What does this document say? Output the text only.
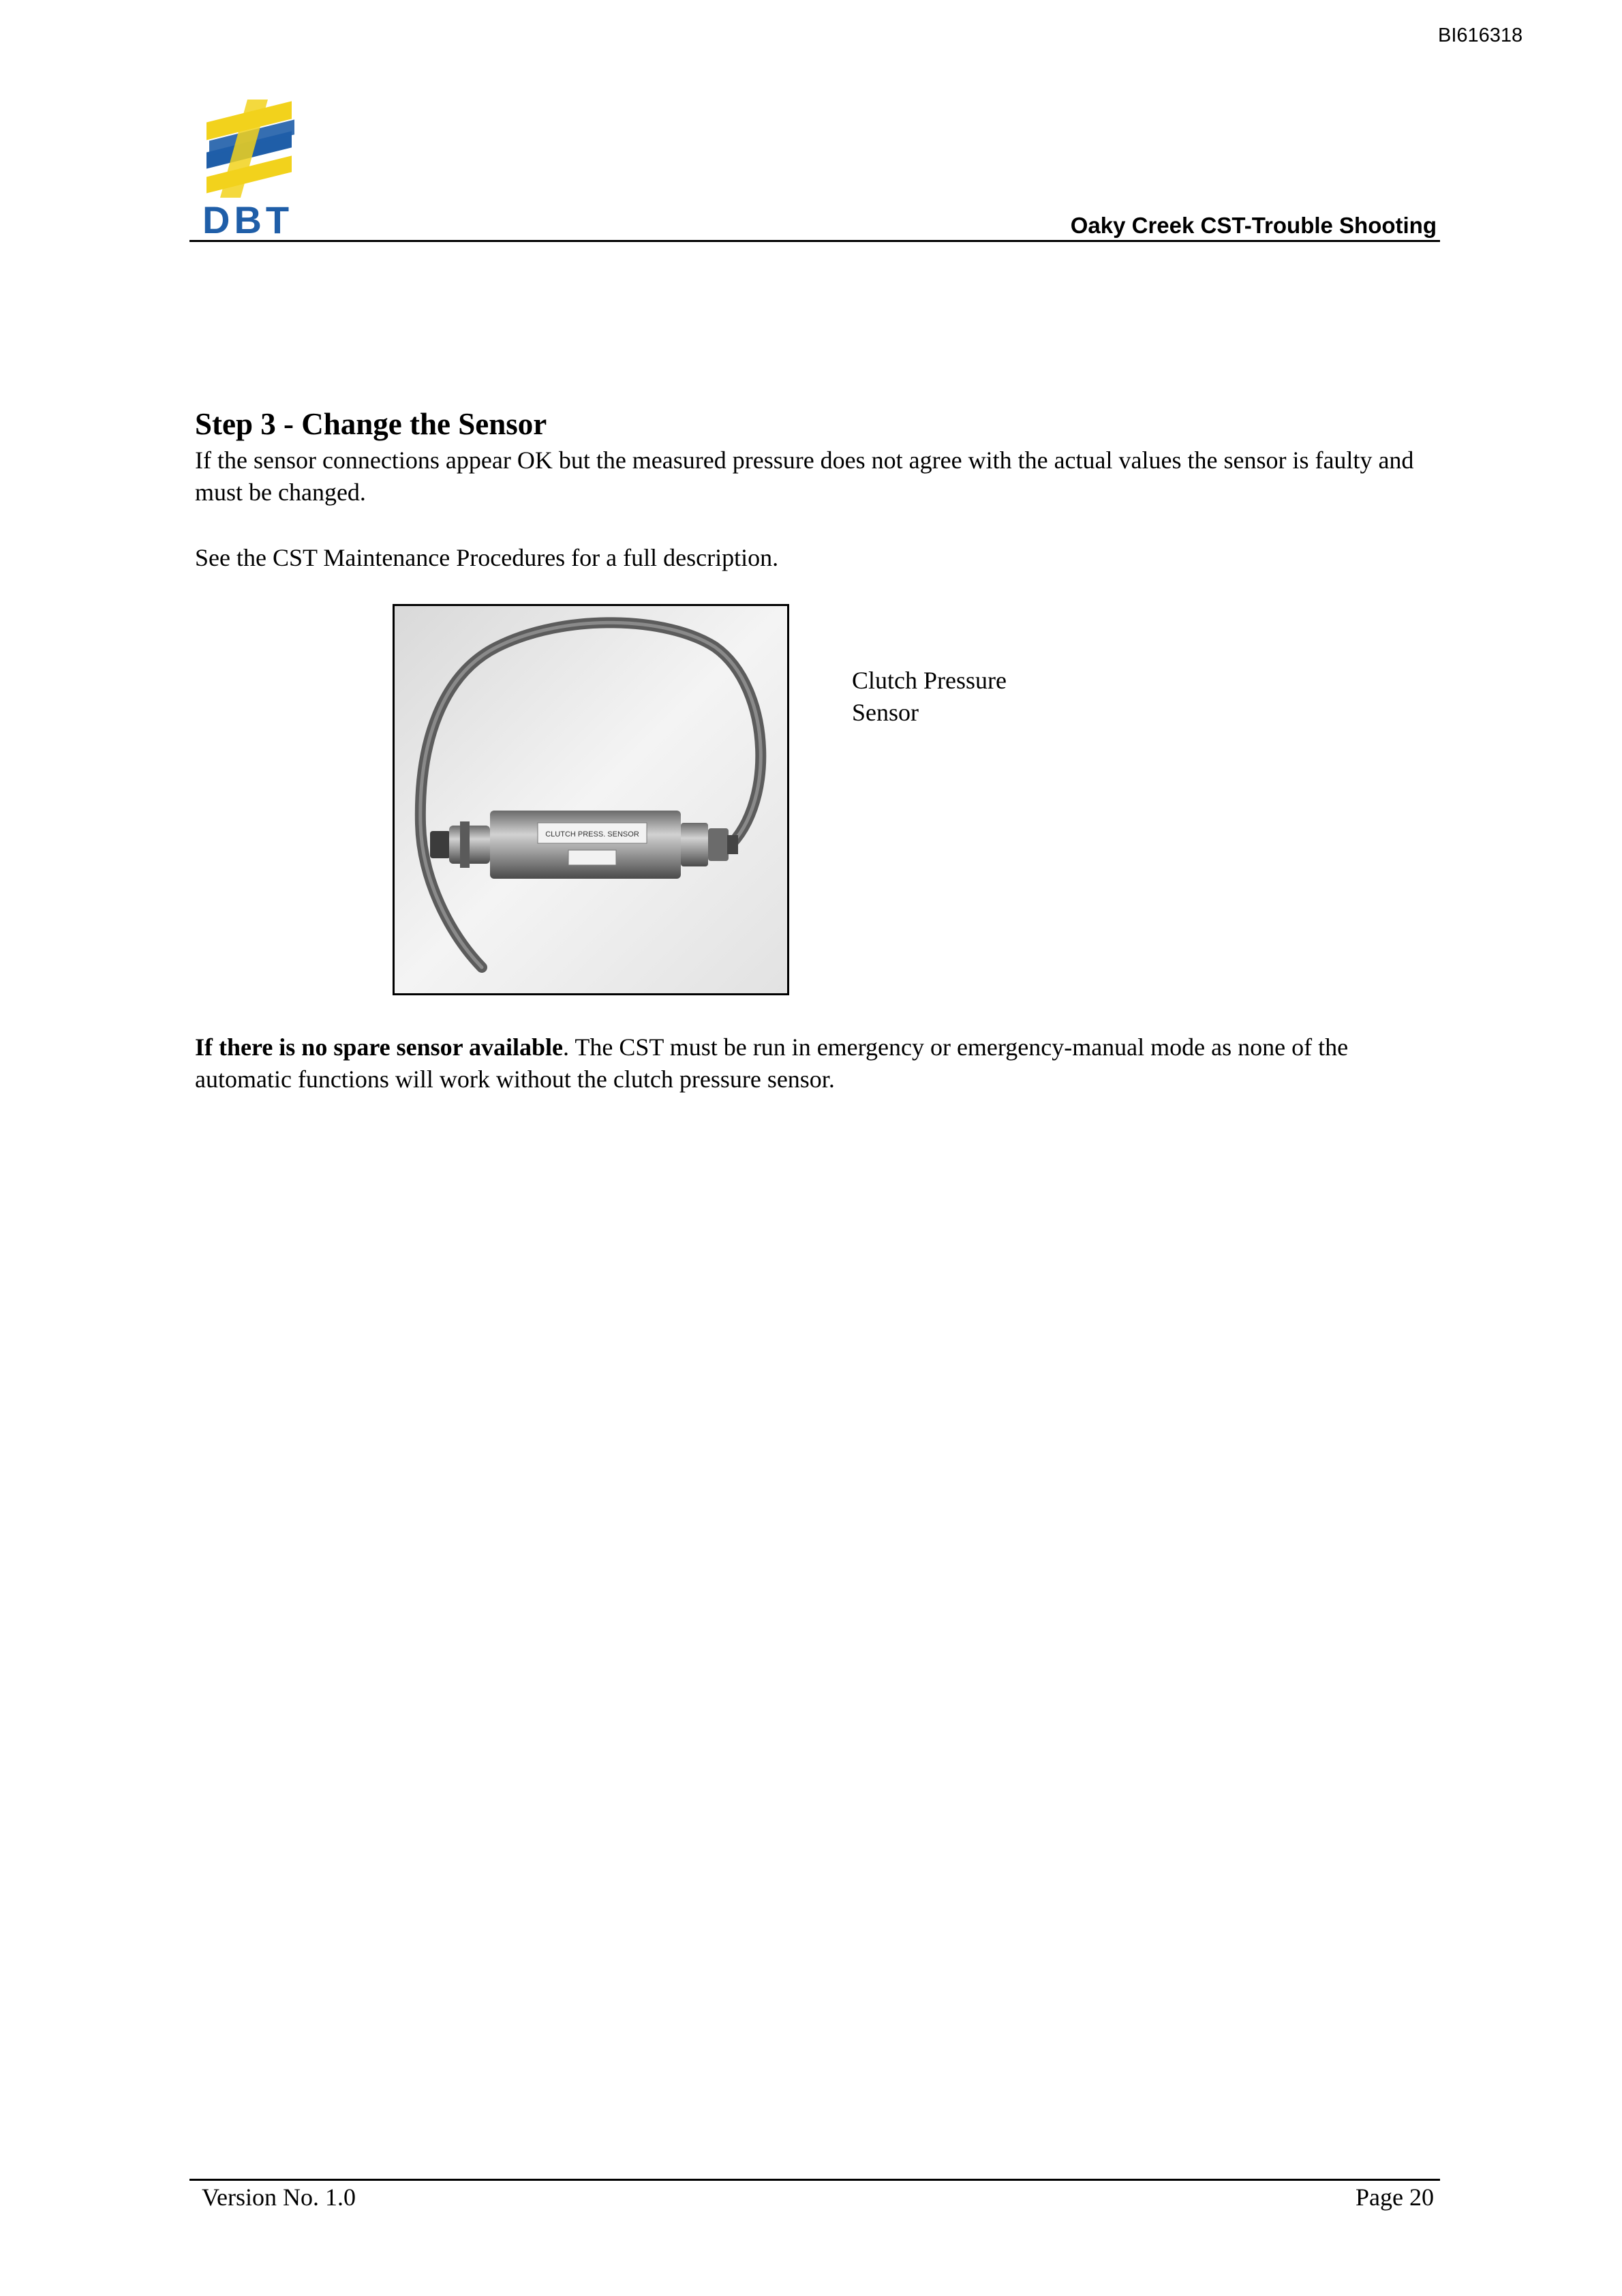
BI616318
DBT	Oaky Creek CST-Trouble Shooting
Step 3 - Change the Sensor

If the sensor connections appear OK but the measured pressure does not agree with the actual values the sensor is faulty and must be changed.

See the CST Maintenance Procedures for a full description.

CLUTCH PRESS. SENSOR
Clutch Pressure
Sensor

If there is no spare sensor available. The CST must be run in emergency or emergency-manual mode as none of the automatic functions will work without the clutch pressure sensor.

Version No. 1.0	Page 20
